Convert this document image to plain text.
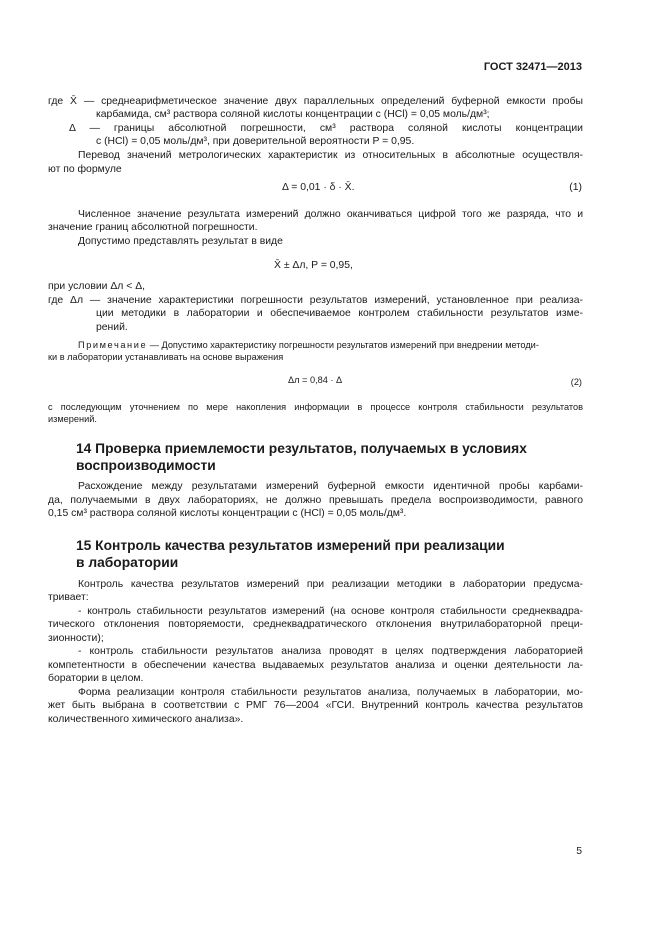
ГОСТ 32471—2013
где X̄ — среднеарифметическое значение двух параллельных определений буферной емкости пробы
карбамида, см³ раствора соляной кислоты концентрации c (HCl) = 0,05 моль/дм³;
Δ — границы абсолютной погрешности, см³ раствора соляной кислоты концентрации
c (HCl) = 0,05 моль/дм³, при доверительной вероятности P = 0,95.
Перевод значений метрологических характеристик из относительных в абсолютные осуществля-
ют по формуле
Δ = 0,01 · δ · X̄.	(1)
Численное значение результата измерений должно оканчиваться цифрой того же разряда, что и
значение границ абсолютной погрешности.
Допустимо представлять результат в виде
X̄ ± Δл, P = 0,95,
при условии Δл < Δ,
где Δл — значение характеристики погрешности результатов измерений, установленное при реализа-
ции методики в лаборатории и обеспечиваемое контролем стабильности результатов изме-
рений.
Примечание — Допустимо характеристику погрешности результатов измерений при внедрении методи-
ки в лаборатории устанавливать на основе выражения
Δл = 0,84 · Δ	(2)
с последующим уточнением по мере накопления информации в процессе контроля стабильности результатов
измерений.
14 Проверка приемлемости результатов, получаемых в условиях
воспроизводимости
Расхождение между результатами измерений буферной емкости идентичной пробы карбами-
да, получаемыми в двух лабораториях, не должно превышать предела воспроизводимости, равного
0,15 см³ раствора соляной кислоты концентрации c (HCl) = 0,05 моль/дм³.
15 Контроль качества результатов измерений при реализации
в лаборатории
Контроль качества результатов измерений при реализации методики в лаборатории предусма-
тривает:
- контроль стабильности результатов измерений (на основе контроля стабильности среднеквадра-
тического отклонения повторяемости, среднеквадратического отклонения внутрилабораторной преци-
зионности);
- контроль стабильности результатов анализа проводят в целях подтверждения лабораторией
компетентности в обеспечении качества выдаваемых результатов анализа и оценки деятельности ла-
боратории в целом.
Форма реализации контроля стабильности результатов анализа, получаемых в лаборатории, мо-
жет быть выбрана в соответствии с РМГ 76—2004 «ГСИ. Внутренний контроль качества результатов
количественного химического анализа».
5
